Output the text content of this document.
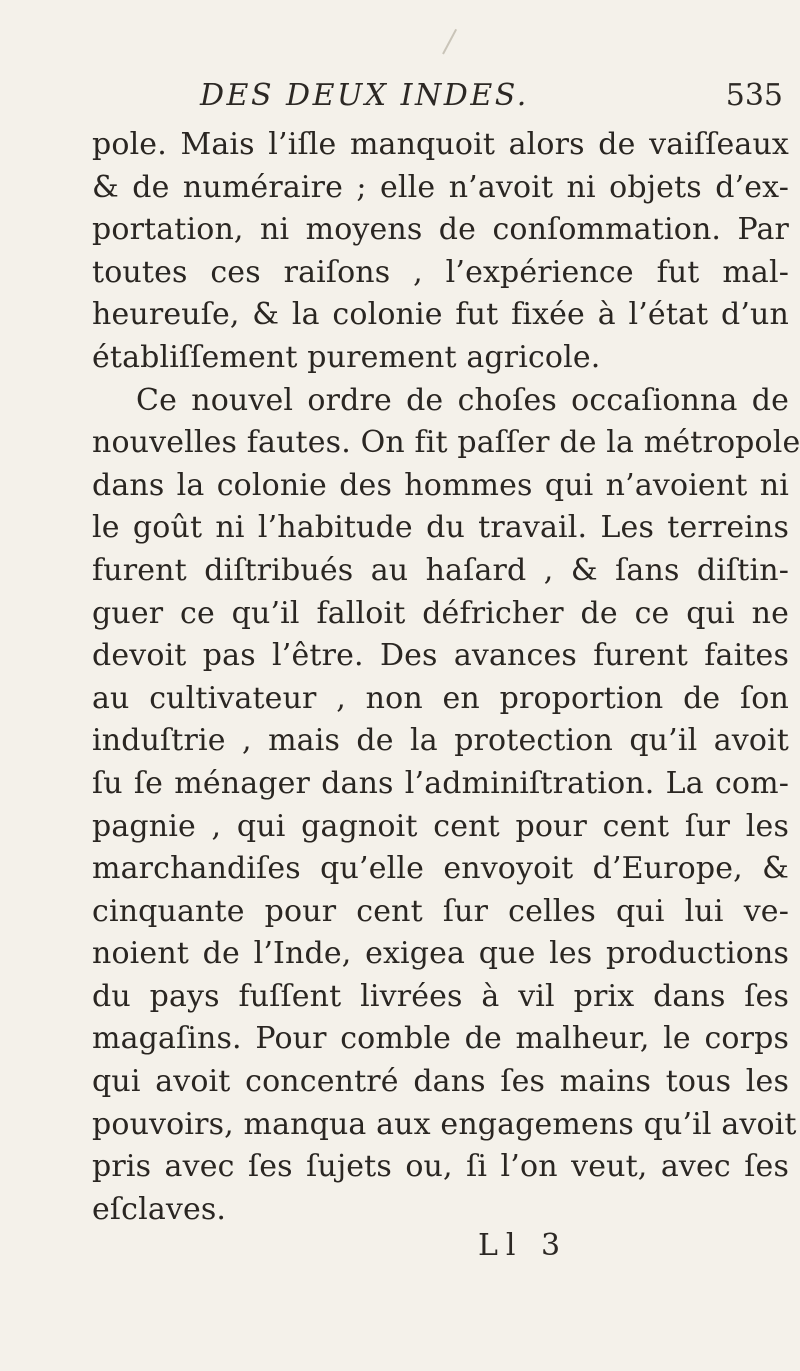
DES DEUX INDES.	535
pole. Mais l’iſle manquoit alors de vaiſſeaux
& de numéraire ; elle n’avoit ni objets d’ex-
portation, ni moyens de conſommation. Par
toutes ces raiſons , l’expérience fut mal-
heureuſe, & la colonie fut fixée à l’état d’un
établiſſement purement agricole.
Ce nouvel ordre de choſes occaſionna de
nouvelles fautes. On fit paſſer de la métropole
dans la colonie des hommes qui n’avoient ni
le goût ni l’habitude du travail. Les terreins
furent diſtribués au haſard , & ſans diſtin-
guer ce qu’il falloit défricher de ce qui ne
devoit pas l’être. Des avances furent faites
au cultivateur , non en proportion de ſon
induſtrie , mais de la protection qu’il avoit
ſu ſe ménager dans l’adminiſtration. La com-
pagnie , qui gagnoit cent pour cent ſur les
marchandiſes qu’elle envoyoit d’Europe, &
cinquante pour cent ſur celles qui lui ve-
noient de l’Inde, exigea que les productions
du pays fuſſent livrées à vil prix dans ſes
magaſins. Pour comble de malheur, le corps
qui avoit concentré dans ſes mains tous les
pouvoirs, manqua aux engagemens qu’il avoit
pris avec ſes ſujets ou, ſi l’on veut, avec ſes
eſclaves.
Ll 3
